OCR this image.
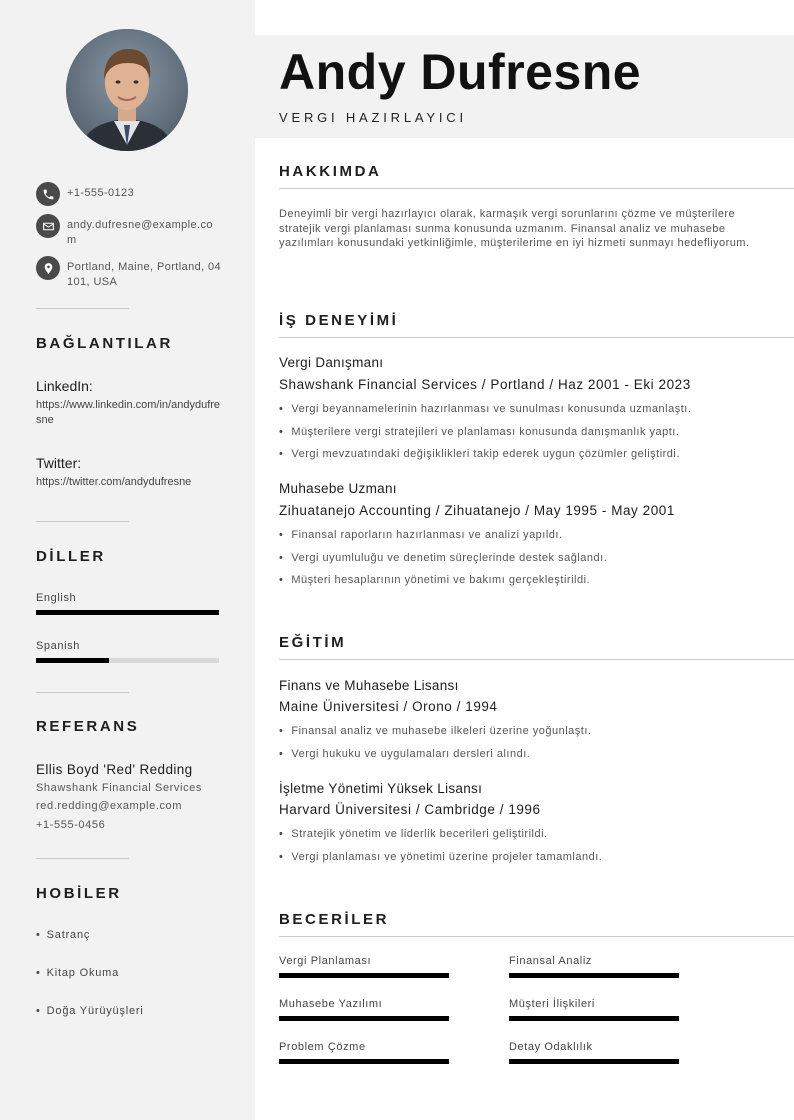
+1-555-0123
andy.dufresne@example.com
Portland, Maine, Portland, 04101, USA
BAĞLANTILAR
LinkedIn:
https://www.linkedin.com/in/andydufresne
Twitter:
https://twitter.com/andydufresne
DİLLER
English
Spanish
REFERANS
Ellis Boyd 'Red' Redding
Shawshank Financial Services
red.redding@example.com
+1-555-0456
HOBİLER
• Satranç
• Kitap Okuma
• Doğa Yürüyüşleri
Andy Dufresne
VERGI HAZIRLAYICI
HAKKIMDA
Deneyimli bir vergi hazırlayıcı olarak, karmaşık vergi sorunlarını çözme ve müşterilere stratejik vergi planlaması sunma konusunda uzmanım. Finansal analiz ve muhasebe yazılımları konusundaki yetkinliğimle, müşterilerime en iyi hizmeti sunmayı hedefliyorum.
İŞ DENEYİMİ
Vergi Danışmanı
Shawshank Financial Services / Portland / Haz 2001 - Eki 2023
• Vergi beyannamelerinin hazırlanması ve sunulması konusunda uzmanlaştı.
• Müşterilere vergi stratejileri ve planlaması konusunda danışmanlık yaptı.
• Vergi mevzuatındaki değişiklikleri takip ederek uygun çözümler geliştirdi.
Muhasebe Uzmanı
Zihuatanejo Accounting / Zihuatanejo / May 1995 - May 2001
• Finansal raporların hazırlanması ve analizi yapıldı.
• Vergi uyumluluğu ve denetim süreçlerinde destek sağlandı.
• Müşteri hesaplarının yönetimi ve bakımı gerçekleştirildi.
EĞİTİM
Finans ve Muhasebe Lisansı
Maine Üniversitesi / Orono / 1994
• Finansal analiz ve muhasebe ilkeleri üzerine yoğunlaştı.
• Vergi hukuku ve uygulamaları dersleri alındı.
İşletme Yönetimi Yüksek Lisansı
Harvard Üniversitesi / Cambridge / 1996
• Stratejik yönetim ve liderlik becerileri geliştirildi.
• Vergi planlaması ve yönetimi üzerine projeler tamamlandı.
BECERİLER
Vergi Planlaması	Finansal Analiz
Muhasebe Yazılımı	Müşteri İlişkileri
Problem Çözme	Detay Odaklılık
